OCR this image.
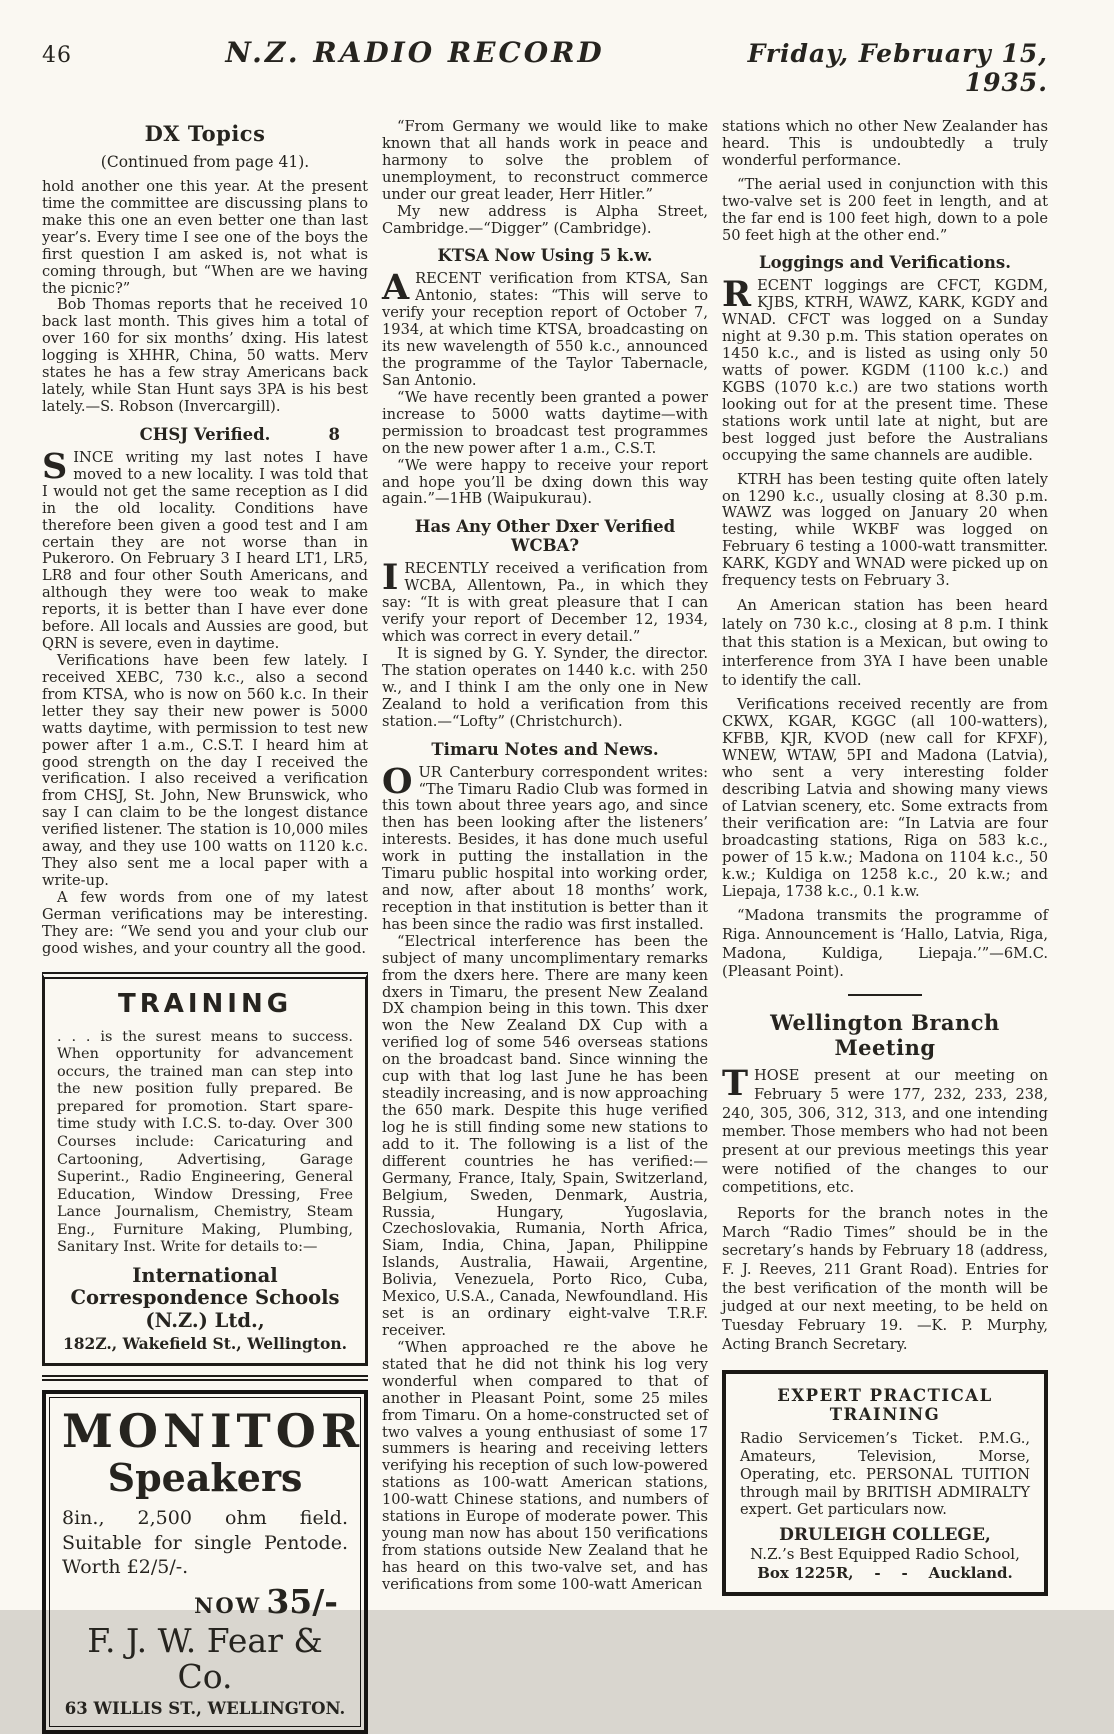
46	N.Z. RADIO RECORD	Friday, February 15, 1935.
DX Topics
(Continued from page 41).

hold another one this year. At the present time the committee are discussing plans to make this one an even better one than last year’s. Every time I see one of the boys the first question I am asked is, not what is coming through, but “When are we having the picnic?”

Bob Thomas reports that he received 10 back last month. This gives him a total of over 160 for six months’ dxing. His latest logging is XHHR, China, 50 watts. Merv states he has a few stray Americans back lately, while Stan Hunt says 3PA is his best lately.—S. Robson (Invercargill).

CHSJ Verified.	8

SINCE writing my last notes I have moved to a new locality. I was told that I would not get the same reception as I did in the old locality. Conditions have therefore been given a good test and I am certain they are not worse than in Pukeroro. On February 3 I heard LT1, LR5, LR8 and four other South Americans, and although they were too weak to make reports, it is better than I have ever done before. All locals and Aussies are good, but QRN is severe, even in daytime.

Verifications have been few lately. I received XEBC, 730 k.c., also a second from KTSA, who is now on 560 k.c. In their letter they say their new power is 5000 watts daytime, with permission to test new power after 1 a.m., C.S.T. I heard him at good strength on the day I received the verification. I also received a verification from CHSJ, St. John, New Brunswick, who say I can claim to be the longest distance verified listener. The station is 10,000 miles away, and they use 100 watts on 1120 k.c. They also sent me a local paper with a write-up.

A few words from one of my latest German verifications may be interesting. They are: “We send you and your club our good wishes, and your country all the good.

TRAINING

. . . is the surest means to success. When opportunity for advancement occurs, the trained man can step into the new position fully prepared. Be prepared for promotion. Start spare-time study with I.C.S. to-day. Over 300 Courses include: Caricaturing and Cartooning, Advertising, Garage Superint., Radio Engineering, General Education, Window Dressing, Free Lance Journalism, Chemistry, Steam Eng., Furniture Making, Plumbing, Sanitary Inst. Write for details to:—

International Correspondence Schools (N.Z.) Ltd.,
182Z., Wakefield St., Wellington.
MONITOR
Speakers

8in., 2,500 ohm field. Suitable for single Pentode. Worth £2/5/-.

NOW 35/-
F. J. W. Fear & Co.
63 WILLIS ST., WELLINGTON.

“From Germany we would like to make known that all hands work in peace and harmony to solve the problem of unemployment, to reconstruct commerce under our great leader, Herr Hitler.”

My new address is Alpha Street, Cambridge.—“Digger” (Cambridge).

KTSA Now Using 5 k.w.

ARECENT verification from KTSA, San Antonio, states: “This will serve to verify your reception report of October 7, 1934, at which time KTSA, broadcasting on its new wavelength of 550 k.c., announced the programme of the Taylor Tabernacle, San Antonio.

“We have recently been granted a power increase to 5000 watts daytime—with permission to broadcast test programmes on the new power after 1 a.m., C.S.T.

“We were happy to receive your report and hope you’ll be dxing down this way again.”—1HB (Waipukurau).

Has Any Other Dxer Verified WCBA?

IRECENTLY received a verification from WCBA, Allentown, Pa., in which they say: “It is with great pleasure that I can verify your report of December 12, 1934, which was correct in every detail.”

It is signed by G. Y. Synder, the director. The station operates on 1440 k.c. with 250 w., and I think I am the only one in New Zealand to hold a verification from this station.—“Lofty” (Christchurch).

Timaru Notes and News.

OUR Canterbury correspondent writes: “The Timaru Radio Club was formed in this town about three years ago, and since then has been looking after the listeners’ interests. Besides, it has done much useful work in putting the installation in the Timaru public hospital into working order, and now, after about 18 months’ work, reception in that institution is better than it has been since the radio was first installed.

“Electrical interference has been the subject of many uncomplimentary remarks from the dxers here. There are many keen dxers in Timaru, the present New Zealand DX champion being in this town. This dxer won the New Zealand DX Cup with a verified log of some 546 overseas stations on the broadcast band. Since winning the cup with that log last June he has been steadily increasing, and is now approaching the 650 mark. Despite this huge verified log he is still finding some new stations to add to it. The following is a list of the different countries he has verified:—Germany, France, Italy, Spain, Switzerland, Belgium, Sweden, Denmark, Austria, Russia, Hungary, Yugoslavia, Czechoslovakia, Rumania, North Africa, Siam, India, China, Japan, Philippine Islands, Australia, Hawaii, Argentine, Bolivia, Venezuela, Porto Rico, Cuba, Mexico, U.S.A., Canada, Newfoundland. His set is an ordinary eight-valve T.R.F. receiver.

“When approached re the above he stated that he did not think his log very wonderful when compared to that of another in Pleasant Point, some 25 miles from Timaru. On a home-constructed set of two valves a young enthusiast of some 17 summers is hearing and receiving letters verifying his reception of such low-powered stations as 100-watt American stations, 100-watt Chinese stations, and numbers of stations in Europe of moderate power. This young man now has about 150 verifications from stations outside New Zealand that he has heard on this two-valve set, and has verifications from some 100-watt American

stations which no other New Zealander has heard. This is undoubtedly a truly wonderful performance.

“The aerial used in conjunction with this two-valve set is 200 feet in length, and at the far end is 100 feet high, down to a pole 50 feet high at the other end.”

Loggings and Verifications.

RECENT loggings are CFCT, KGDM, KJBS, KTRH, WAWZ, KARK, KGDY and WNAD. CFCT was logged on a Sunday night at 9.30 p.m. This station operates on 1450 k.c., and is listed as using only 50 watts of power. KGDM (1100 k.c.) and KGBS (1070 k.c.) are two stations worth looking out for at the present time. These stations work until late at night, but are best logged just before the Australians occupying the same channels are audible.

KTRH has been testing quite often lately on 1290 k.c., usually closing at 8.30 p.m. WAWZ was logged on January 20 when testing, while WKBF was logged on February 6 testing a 1000-watt transmitter. KARK, KGDY and WNAD were picked up on frequency tests on February 3.

An American station has been heard lately on 730 k.c., closing at 8 p.m. I think that this station is a Mexican, but owing to interference from 3YA I have been unable to identify the call.

Verifications received recently are from CKWX, KGAR, KGGC (all 100-watters), KFBB, KJR, KVOD (new call for KFXF), WNEW, WTAW, 5PI and Madona (Latvia), who sent a very interesting folder describing Latvia and showing many views of Latvian scenery, etc. Some extracts from their verification are: “In Latvia are four broadcasting stations, Riga on 583 k.c., power of 15 k.w.; Madona on 1104 k.c., 50 k.w.; Kuldiga on 1258 k.c., 20 k.w.; and Liepaja, 1738 k.c., 0.1 k.w.

“Madona transmits the programme of Riga. Announcement is ‘Hallo, Latvia, Riga, Madona, Kuldiga, Liepaja.’”—6M.C. (Pleasant Point).

Wellington Branch Meeting

THOSE present at our meeting on February 5 were 177, 232, 233, 238, 240, 305, 306, 312, 313, and one intending member. Those members who had not been present at our previous meetings this year were notified of the changes to our competitions, etc.

Reports for the branch notes in the March “Radio Times” should be in the secretary’s hands by February 18 (address, F. J. Reeves, 211 Grant Road). Entries for the best verification of the month will be judged at our next meeting, to be held on Tuesday February 19. —K. P. Murphy, Acting Branch Secretary.

EXPERT PRACTICAL TRAINING

Radio Servicemen’s Ticket. P.M.G., Amateurs, Television, Morse, Operating, etc. PERSONAL TUITION through mail by BRITISH ADMIRALTY expert. Get particulars now.

DRULEIGH COLLEGE,
N.Z.’s Best Equipped Radio School,
Box 1225R,    -    -    Auckland.
